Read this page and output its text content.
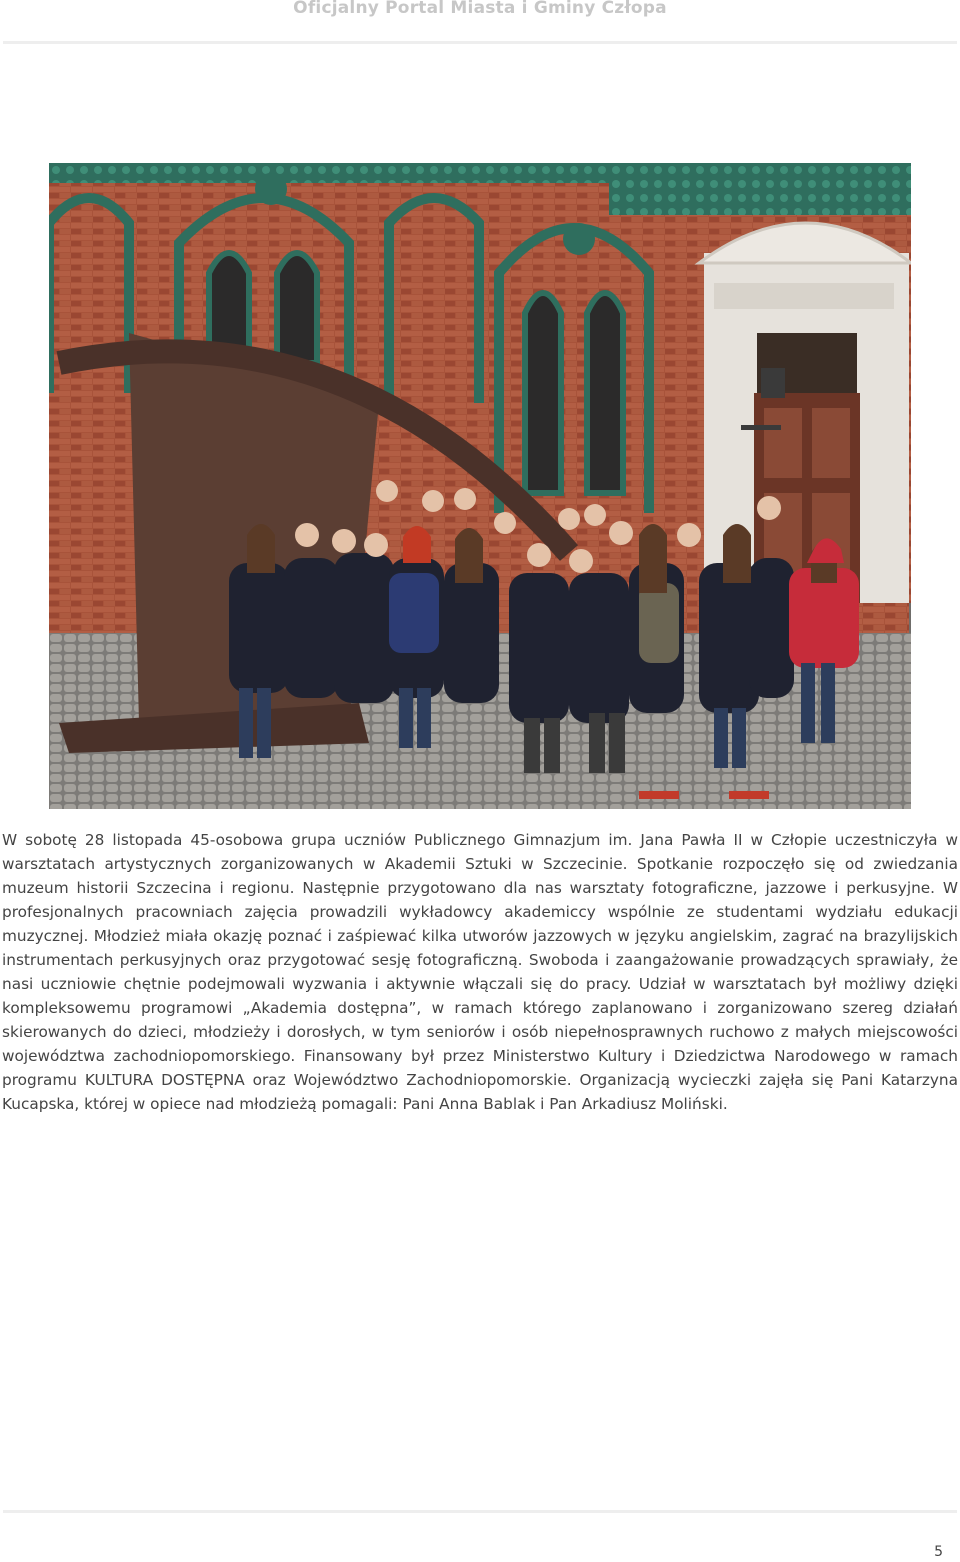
Oficjalny Portal Miasta i Gminy Człopa

W sobotę 28 listopada 45-osobowa grupa uczniów Publicznego Gimnazjum im. Jana Pawła II w Człopie uczestniczyła w warsztatach artystycznych zorganizowanych w Akademii Sztuki w Szczecinie. Spotkanie rozpoczęło się od zwiedzania muzeum historii Szczecina i regionu. Następnie przygotowano dla nas warsztaty fotograficzne, jazzowe i perkusyjne. W profesjonalnych pracowniach zajęcia prowadzili wykładowcy akademiccy wspólnie ze studentami wydziału edukacji muzycznej. Młodzież miała okazję poznać i zaśpiewać kilka utworów jazzowych w języku angielskim, zagrać na brazylijskich instrumentach perkusyjnych oraz przygotować sesję fotograficzną. Swoboda i zaangażowanie prowadzących sprawiały, że nasi uczniowie chętnie podejmowali wyzwania i aktywnie włączali się do pracy. Udział w warsztatach był możliwy dzięki kompleksowemu programowi „Akademia dostępna”, w ramach którego zaplanowano i zorganizowano szereg działań skierowanych do dzieci, młodzieży i dorosłych, w tym seniorów i osób niepełnosprawnych ruchowo z małych miejscowości województwa zachodniopomorskiego. Finansowany był przez Ministerstwo Kultury i Dziedzictwa Narodowego w ramach programu KULTURA DOSTĘPNA oraz Województwo Zachodniopomorskie. Organizacją wycieczki zajęła się Pani Katarzyna Kucapska, której w opiece nad młodzieżą pomagali: Pani Anna Bablak i Pan Arkadiusz Moliński.

5
